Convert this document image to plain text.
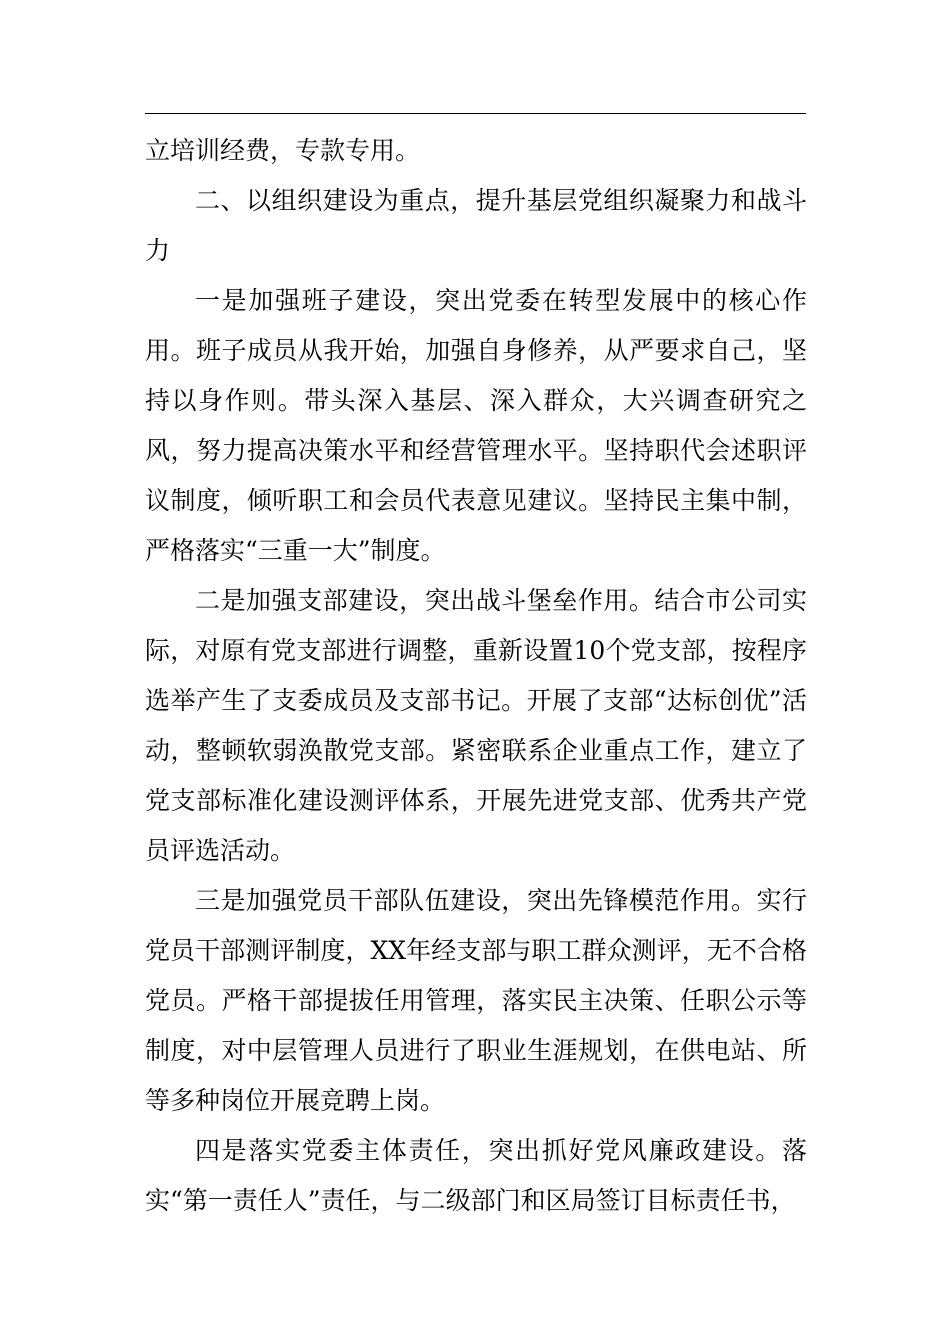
立培训经费，专款专用。

二、以组织建设为重点，提升基层党组织凝聚力和战斗力

一是加强班子建设，突出党委在转型发展中的核心作用。班子成员从我开始，加强自身修养，从严要求自己，坚持以身作则。带头深入基层、深入群众，大兴调查研究之风，努力提高决策水平和经营管理水平。坚持职代会述职评议制度，倾听职工和会员代表意见建议。坚持民主集中制，严格落实“三重一大”制度。

二是加强支部建设，突出战斗堡垒作用。结合市公司实际，对原有党支部进行调整，重新设置10个党支部，按程序选举产生了支委成员及支部书记。开展了支部“达标创优”活动，整顿软弱涣散党支部。紧密联系企业重点工作，建立了党支部标准化建设测评体系，开展先进党支部、优秀共产党员评选活动。

三是加强党员干部队伍建设，突出先锋模范作用。实行党员干部测评制度，XX年经支部与职工群众测评，无不合格党员。严格干部提拔任用管理，落实民主决策、任职公示等制度，对中层管理人员进行了职业生涯规划，在供电站、所等多种岗位开展竞聘上岗。

四是落实党委主体责任，突出抓好党风廉政建设。落实“第一责任人”责任，与二级部门和区局签订目标责任书，
